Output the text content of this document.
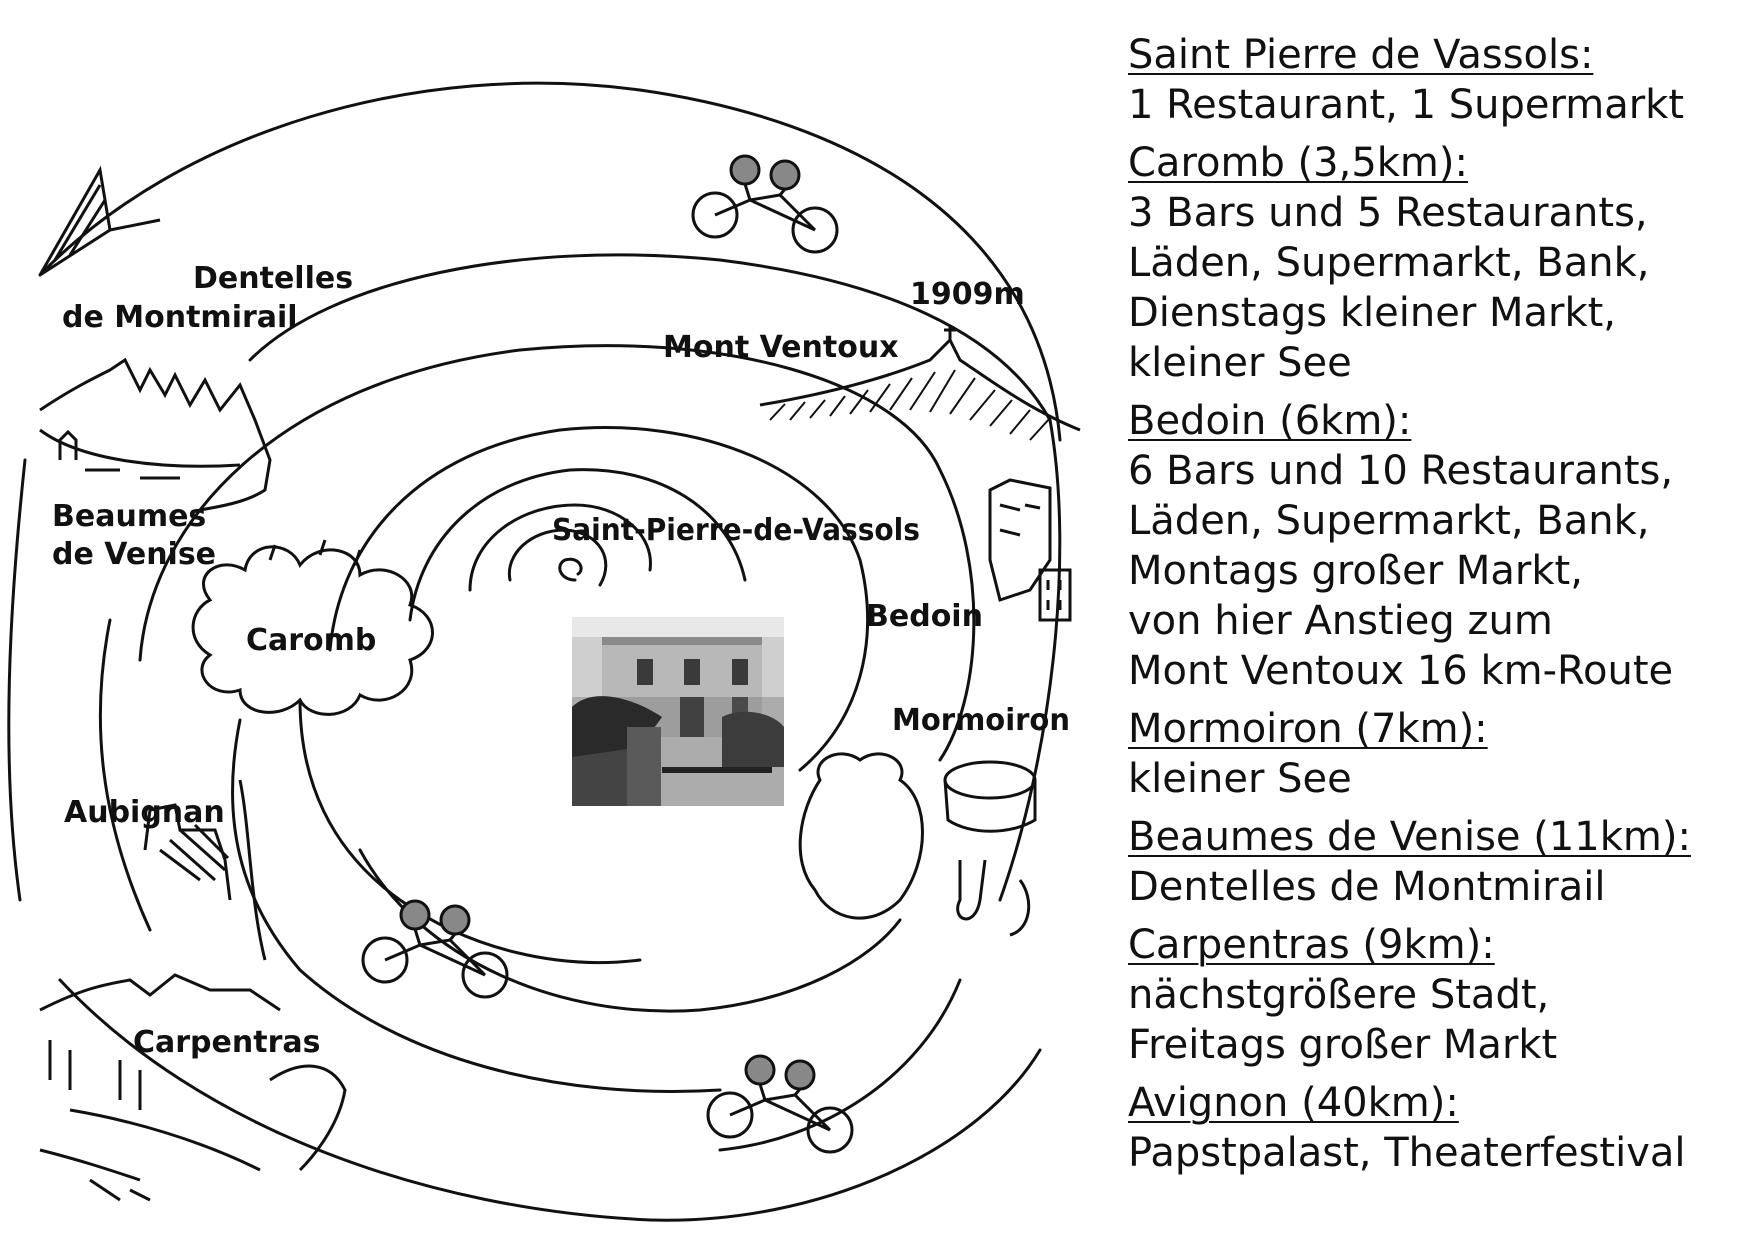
Dentelles
de Montmirail
1909m
Mont Ventoux
Beaumes
de Venise
Saint-Pierre-de-Vassols
Caromb
Bedoin
Mormoiron
Aubignan
Carpentras
Saint Pierre de Vassols:
1 Restaurant, 1 Supermarkt
Caromb (3,5km):
3 Bars und 5 Restaurants,
Läden, Supermarkt, Bank,
Dienstags kleiner Markt,
kleiner See
Bedoin (6km):
6 Bars und 10 Restaurants,
Läden, Supermarkt, Bank,
Montags großer Markt,
von hier Anstieg zum
Mont Ventoux 16 km-Route
Mormoiron (7km):
kleiner See
Beaumes de Venise (11km):
Dentelles de Montmirail
Carpentras (9km):
nächstgrößere Stadt,
Freitags großer Markt
Avignon (40km):
Papstpalast, Theaterfestival
